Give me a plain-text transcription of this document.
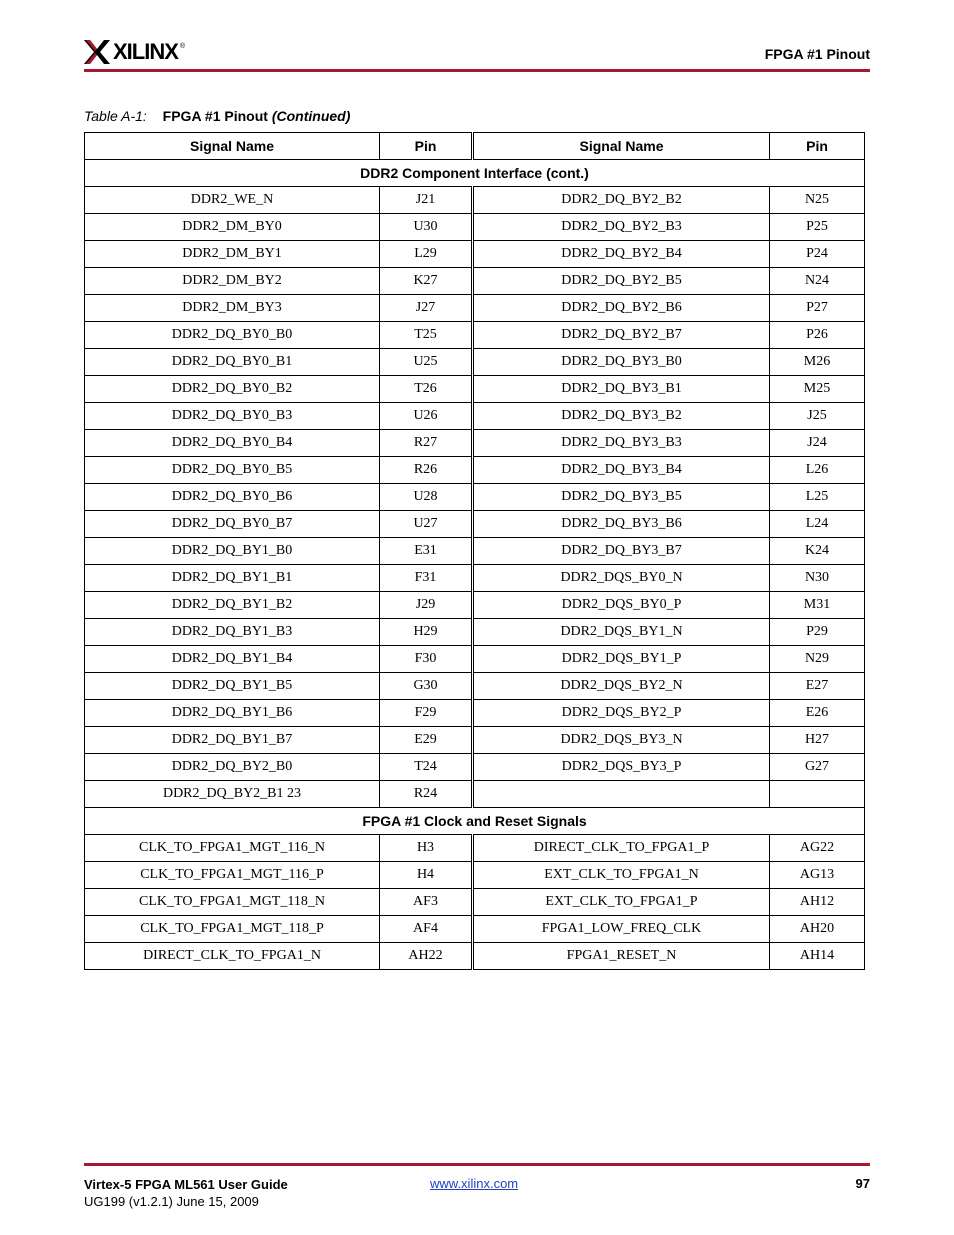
XILINX ®	FPGA #1 Pinout
Table A-1: FPGA #1 Pinout (Continued)
Signal Name	Pin	Signal Name	Pin
DDR2 Component Interface (cont.)			
DDR2_WE_N	J21	DDR2_DQ_BY2_B2	N25
DDR2_DM_BY0	U30	DDR2_DQ_BY2_B3	P25
DDR2_DM_BY1	L29	DDR2_DQ_BY2_B4	P24
DDR2_DM_BY2	K27	DDR2_DQ_BY2_B5	N24
DDR2_DM_BY3	J27	DDR2_DQ_BY2_B6	P27
DDR2_DQ_BY0_B0	T25	DDR2_DQ_BY2_B7	P26
DDR2_DQ_BY0_B1	U25	DDR2_DQ_BY3_B0	M26
DDR2_DQ_BY0_B2	T26	DDR2_DQ_BY3_B1	M25
DDR2_DQ_BY0_B3	U26	DDR2_DQ_BY3_B2	J25
DDR2_DQ_BY0_B4	R27	DDR2_DQ_BY3_B3	J24
DDR2_DQ_BY0_B5	R26	DDR2_DQ_BY3_B4	L26
DDR2_DQ_BY0_B6	U28	DDR2_DQ_BY3_B5	L25
DDR2_DQ_BY0_B7	U27	DDR2_DQ_BY3_B6	L24
DDR2_DQ_BY1_B0	E31	DDR2_DQ_BY3_B7	K24
DDR2_DQ_BY1_B1	F31	DDR2_DQS_BY0_N	N30
DDR2_DQ_BY1_B2	J29	DDR2_DQS_BY0_P	M31
DDR2_DQ_BY1_B3	H29	DDR2_DQS_BY1_N	P29
DDR2_DQ_BY1_B4	F30	DDR2_DQS_BY1_P	N29
DDR2_DQ_BY1_B5	G30	DDR2_DQS_BY2_N	E27
DDR2_DQ_BY1_B6	F29	DDR2_DQS_BY2_P	E26
DDR2_DQ_BY1_B7	E29	DDR2_DQS_BY3_N	H27
DDR2_DQ_BY2_B0	T24	DDR2_DQS_BY3_P	G27
DDR2_DQ_BY2_B1 23	R24		
FPGA #1 Clock and Reset Signals			
CLK_TO_FPGA1_MGT_116_N	H3	DIRECT_CLK_TO_FPGA1_P	AG22
CLK_TO_FPGA1_MGT_116_P	H4	EXT_CLK_TO_FPGA1_N	AG13
CLK_TO_FPGA1_MGT_118_N	AF3	EXT_CLK_TO_FPGA1_P	AH12
CLK_TO_FPGA1_MGT_118_P	AF4	FPGA1_LOW_FREQ_CLK	AH20
DIRECT_CLK_TO_FPGA1_N	AH22	FPGA1_RESET_N	AH14
Virtex-5 FPGA ML561 User Guide
UG199 (v1.2.1) June 15, 2009
www.xilinx.com	97
